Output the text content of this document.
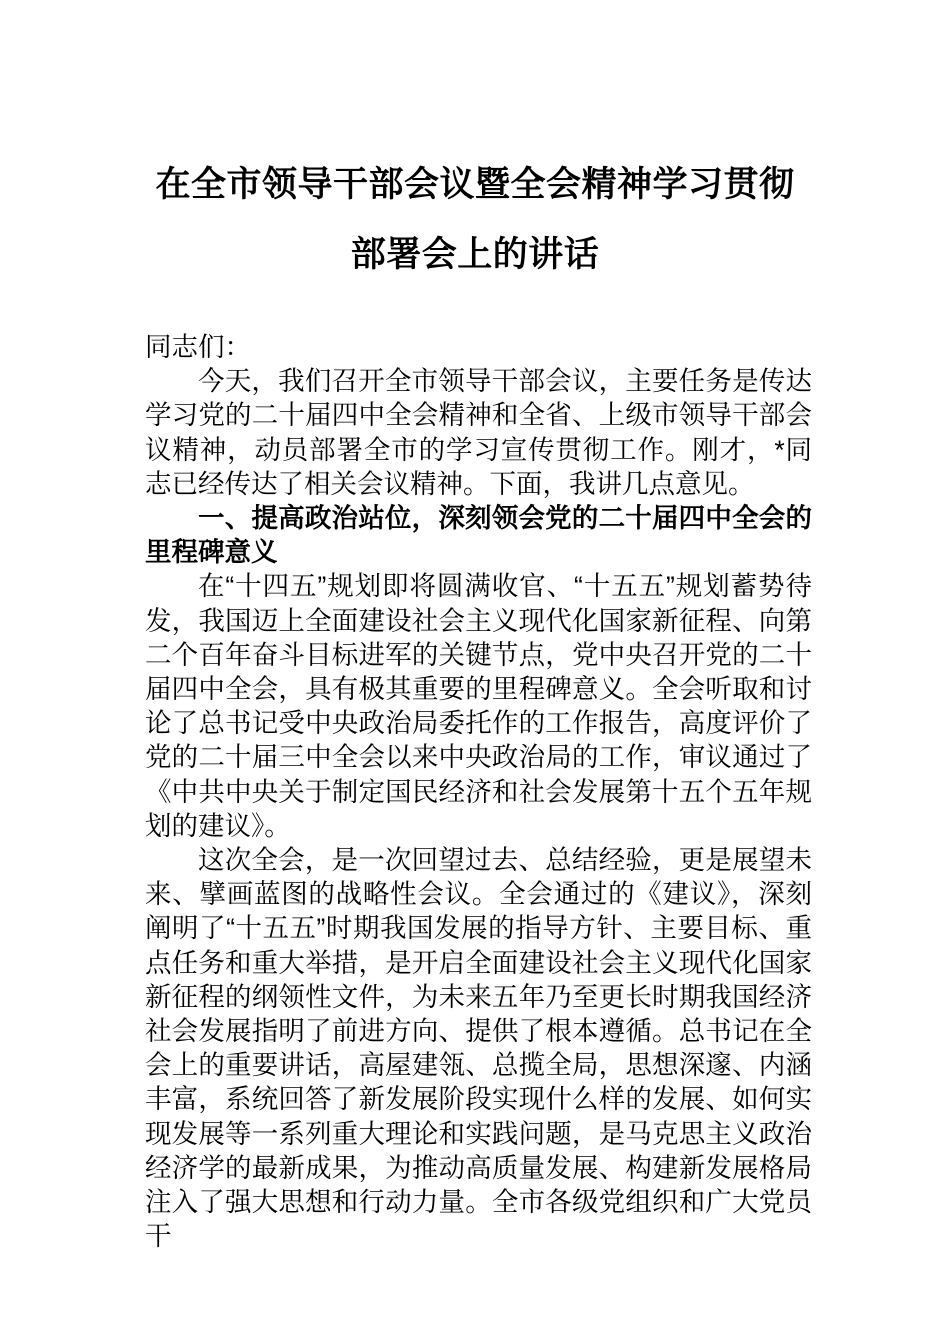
在全市领导干部会议暨全会精神学习贯彻
部署会上的讲话

同志们：

今天，我们召开全市领导干部会议，主要任务是传达学习党的二十届四中全会精神和全省、上级市领导干部会议精神，动员部署全市的学习宣传贯彻工作。刚才，*同志已经传达了相关会议精神。下面，我讲几点意见。

一、提高政治站位，深刻领会党的二十届四中全会的里程碑意义

在“十四五”规划即将圆满收官、“十五五”规划蓄势待发，我国迈上全面建设社会主义现代化国家新征程、向第二个百年奋斗目标进军的关键节点，党中央召开党的二十届四中全会，具有极其重要的里程碑意义。全会听取和讨论了总书记受中央政治局委托作的工作报告，高度评价了党的二十届三中全会以来中央政治局的工作，审议通过了《中共中央关于制定国民经济和社会发展第十五个五年规划的建议》。

这次全会，是一次回望过去、总结经验，更是展望未来、擘画蓝图的战略性会议。全会通过的《建议》，深刻阐明了“十五五”时期我国发展的指导方针、主要目标、重点任务和重大举措，是开启全面建设社会主义现代化国家新征程的纲领性文件，为未来五年乃至更长时期我国经济社会发展指明了前进方向、提供了根本遵循。总书记在全会上的重要讲话，高屋建瓴、总揽全局，思想深邃、内涵丰富，系统回答了新发展阶段实现什么样的发展、如何实现发展等一系列重大理论和实践问题，是马克思主义政治经济学的最新成果，为推动高质量发展、构建新发展格局注入了强大思想和行动力量。全市各级党组织和广大党员干
